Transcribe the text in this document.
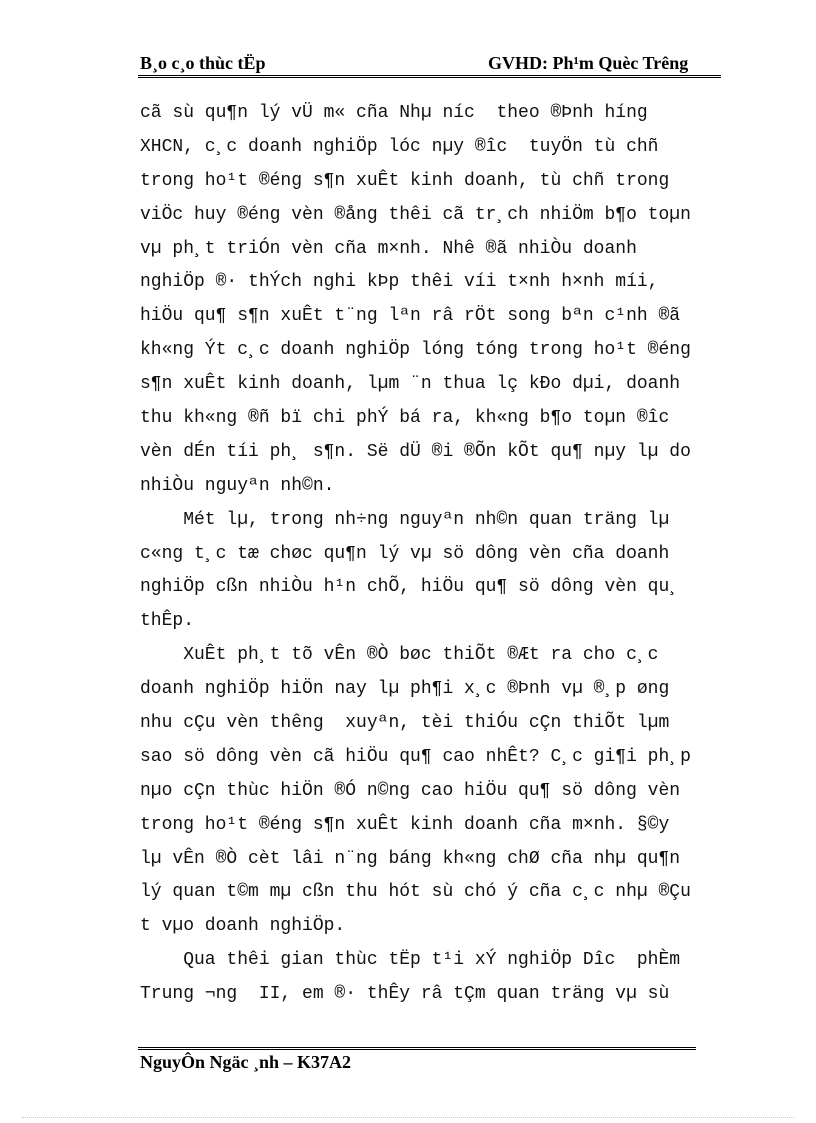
B¸o c¸o thùc tËp	GVHD: Ph¹m Quèc Trêng
cã sù qu¶n lý vÜ m« cña Nhµ níc  theo ®Þnh híng
XHCN, c¸c doanh nghiÖp lóc nµy ®îc  tuyÖn tù chñ
trong ho¹t ®éng s¶n xuÊt kinh doanh, tù chñ trong
viÖc huy ®éng vèn ®ång thêi cã tr¸ch nhiÖm b¶o toµn
vµ ph¸t triÓn vèn cña m×nh. Nhê ®ã nhiÒu doanh
nghiÖp ®· thÝch nghi kÞp thêi víi t×nh h×nh míi,
hiÖu qu¶ s¶n xuÊt t¨ng lªn râ rÖt song bªn c¹nh ®ã
kh«ng Ýt c¸c doanh nghiÖp lóng tóng trong ho¹t ®éng
s¶n xuÊt kinh doanh, lµm ¨n thua lç kÐo dµi, doanh
thu kh«ng ®ñ bï chi phÝ bá ra, kh«ng b¶o toµn ®îc
vèn dÉn tíi ph¸ s¶n. Së dÜ ®i ®Õn kÕt qu¶ nµy lµ do
nhiÒu nguyªn nh©n.
Mét lµ, trong nh÷ng nguyªn nh©n quan träng lµ
c«ng t¸c tæ chøc qu¶n lý vµ sö dông vèn cña doanh
nghiÖp cßn nhiÒu h¹n chÕ, hiÖu qu¶ sö dông vèn qu¸
thÊp.
XuÊt ph¸t tõ vÊn ®Ò bøc thiÕt ®Æt ra cho c¸c
doanh nghiÖp hiÖn nay lµ ph¶i x¸c ®Þnh vµ ®¸p øng
nhu cÇu vèn thêng  xuyªn, tèi thiÓu cÇn thiÕt lµm
sao sö dông vèn cã hiÖu qu¶ cao nhÊt? C¸c gi¶i ph¸p
nµo cÇn thùc hiÖn ®Ó n©ng cao hiÖu qu¶ sö dông vèn
trong ho¹t ®éng s¶n xuÊt kinh doanh cña m×nh. §©y
lµ vÊn ®Ò cèt lâi n¨ng báng kh«ng chØ cña nhµ qu¶n
lý quan t©m mµ cßn thu hót sù chó ý cña c¸c nhµ ®Çu
t vµo doanh nghiÖp.
Qua thêi gian thùc tËp t¹i xÝ nghiÖp Dîc  phÈm
Trung ¬ng  II, em ®· thÊy râ tÇm quan träng vµ sù
NguyÔn Ngäc ¸nh – K37A2
